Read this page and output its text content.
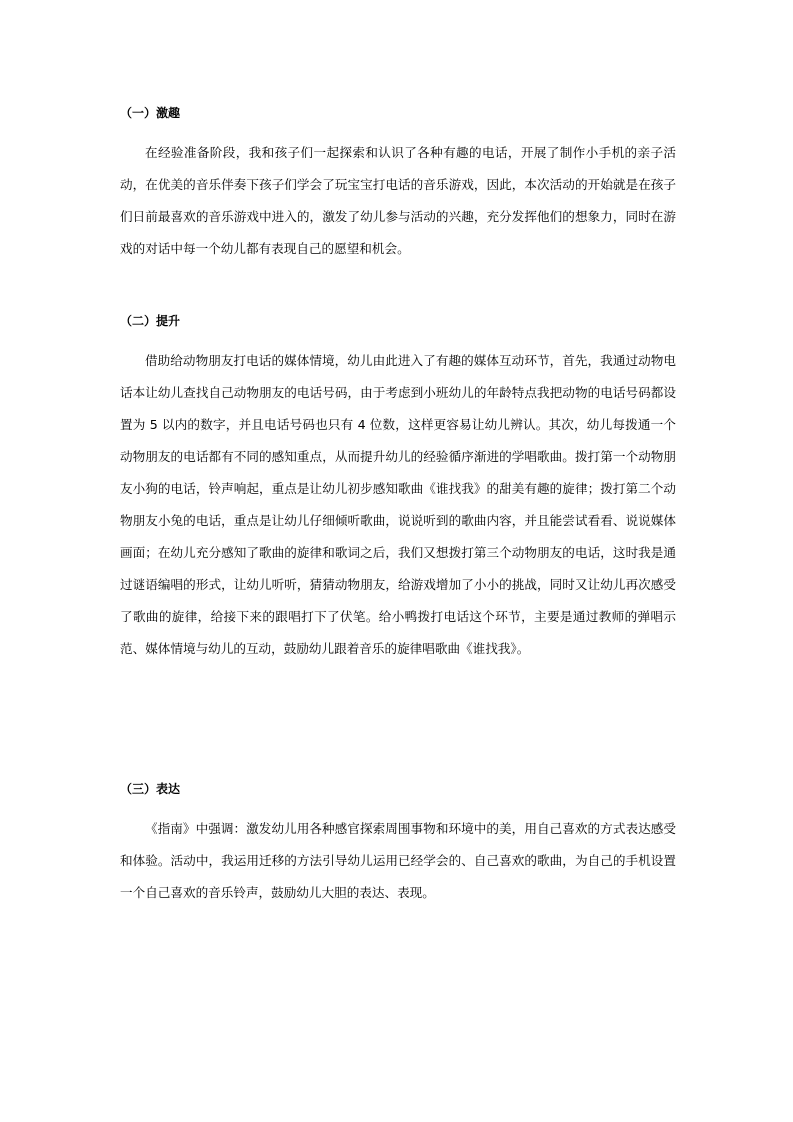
（一）激趣

在经验准备阶段，我和孩子们一起探索和认识了各种有趣的电话，开展了制作小手机的亲子活动，在优美的音乐伴奏下孩子们学会了玩宝宝打电话的音乐游戏，因此，本次活动的开始就是在孩子们日前最喜欢的音乐游戏中进入的，激发了幼儿参与活动的兴趣，充分发挥他们的想象力，同时在游戏的对话中每一个幼儿都有表现自己的愿望和机会。

（二）提升

借助给动物朋友打电话的媒体情境，幼儿由此进入了有趣的媒体互动环节，首先，我通过动物电话本让幼儿查找自己动物朋友的电话号码，由于考虑到小班幼儿的年龄特点我把动物的电话号码都设置为 5 以内的数字，并且电话号码也只有 4 位数，这样更容易让幼儿辨认。其次，幼儿每拨通一个动物朋友的电话都有不同的感知重点，从而提升幼儿的经验循序渐进的学唱歌曲。拨打第一个动物朋友小狗的电话，铃声响起，重点是让幼儿初步感知歌曲《谁找我》的甜美有趣的旋律；拨打第二个动物朋友小兔的电话，重点是让幼儿仔细倾听歌曲，说说听到的歌曲内容，并且能尝试看看、说说媒体画面；在幼儿充分感知了歌曲的旋律和歌词之后，我们又想拨打第三个动物朋友的电话，这时我是通过谜语编唱的形式，让幼儿听听，猜猜动物朋友，给游戏增加了小小的挑战，同时又让幼儿再次感受了歌曲的旋律，给接下来的跟唱打下了伏笔。给小鸭拨打电话这个环节，主要是通过教师的弹唱示范、媒体情境与幼儿的互动，鼓励幼儿跟着音乐的旋律唱歌曲《谁找我》。

（三）表达

《指南》中强调：激发幼儿用各种感官探索周围事物和环境中的美，用自己喜欢的方式表达感受和体验。活动中，我运用迁移的方法引导幼儿运用已经学会的、自己喜欢的歌曲，为自己的手机设置一个自己喜欢的音乐铃声，鼓励幼儿大胆的表达、表现。
